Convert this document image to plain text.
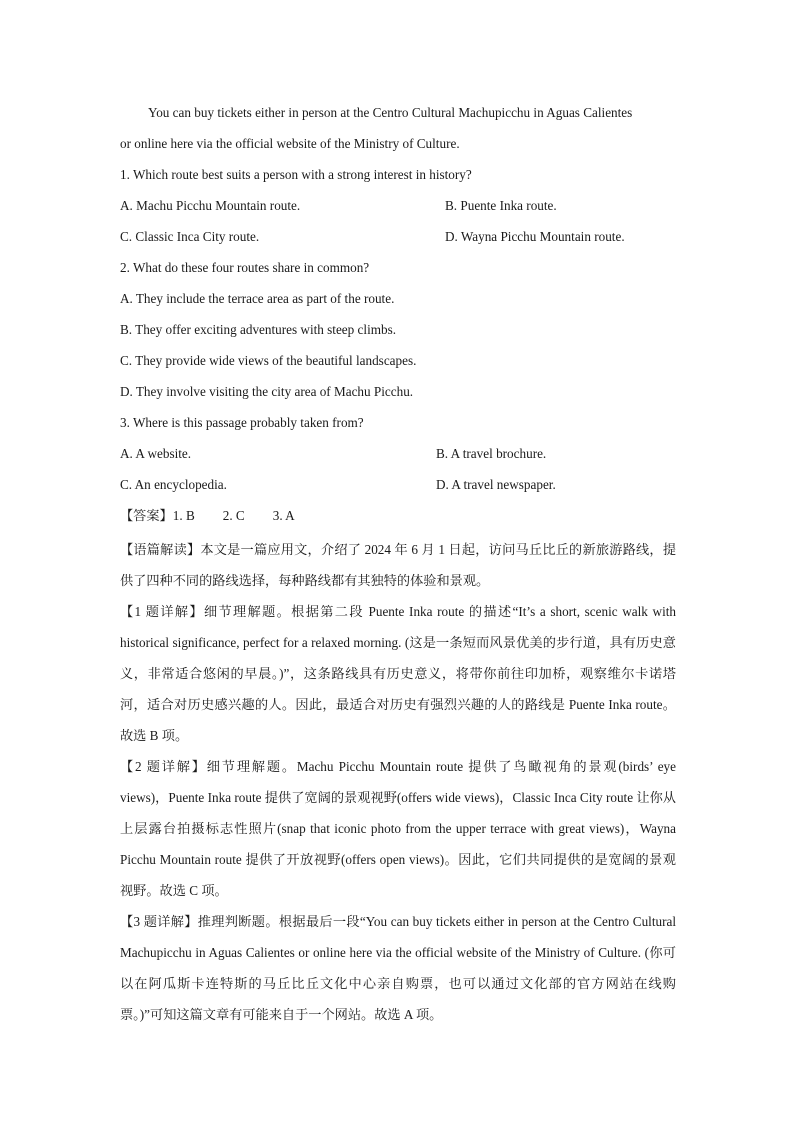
You can buy tickets either in person at the Centro Cultural Machupicchu in Aguas Calientes
or online here via the official website of the Ministry of Culture.
1. Which route best suits a person with a strong interest in history?
A. Machu Picchu Mountain route.	B. Puente Inka route.
C. Classic Inca City route.	D. Wayna Picchu Mountain route.
2. What do these four routes share in common?
A. They include the terrace area as part of the route.
B. They offer exciting adventures with steep climbs.
C. They provide wide views of the beautiful landscapes.
D. They involve visiting the city area of Machu Picchu.
3. Where is this passage probably taken from?
A. A website.	B. A travel brochure.
C. An encyclopedia.	D. A travel newspaper.
【答案】1. B 2. C 3. A
【语篇解读】本文是一篇应用文，介绍了 2024 年 6 月 1 日起，访问马丘比丘的新旅游路线，提供了四种不同的路线选择，每种路线都有其独特的体验和景观。
【1 题详解】细节理解题。根据第二段 Puente Inka route 的描述“It’s a short, scenic walk with historical significance, perfect for a relaxed morning. (这是一条短而风景优美的步行道，具有历史意义，非常适合悠闲的早晨。)”，这条路线具有历史意义，将带你前往印加桥，观察维尔卡诺塔河，适合对历史感兴趣的人。因此，最适合对历史有强烈兴趣的人的路线是 Puente Inka route。故选 B 项。
【2 题详解】细节理解题。Machu Picchu Mountain route 提供了鸟瞰视角的景观(birds’ eye views)，Puente Inka route 提供了宽阔的景观视野(offers wide views)，Classic Inca City route 让你从上层露台拍摄标志性照片(snap that iconic photo from the upper terrace with great views)，Wayna Picchu Mountain route 提供了开放视野(offers open views)。因此，它们共同提供的是宽阔的景观视野。故选 C 项。
【3 题详解】推理判断题。根据最后一段“You can buy tickets either in person at the Centro Cultural Machupicchu in Aguas Calientes or online here via the official website of the Ministry of Culture. (你可以在阿瓜斯卡连特斯的马丘比丘文化中心亲自购票，也可以通过文化部的官方网站在线购票。)”可知这篇文章有可能来自于一个网站。故选 A 项。
